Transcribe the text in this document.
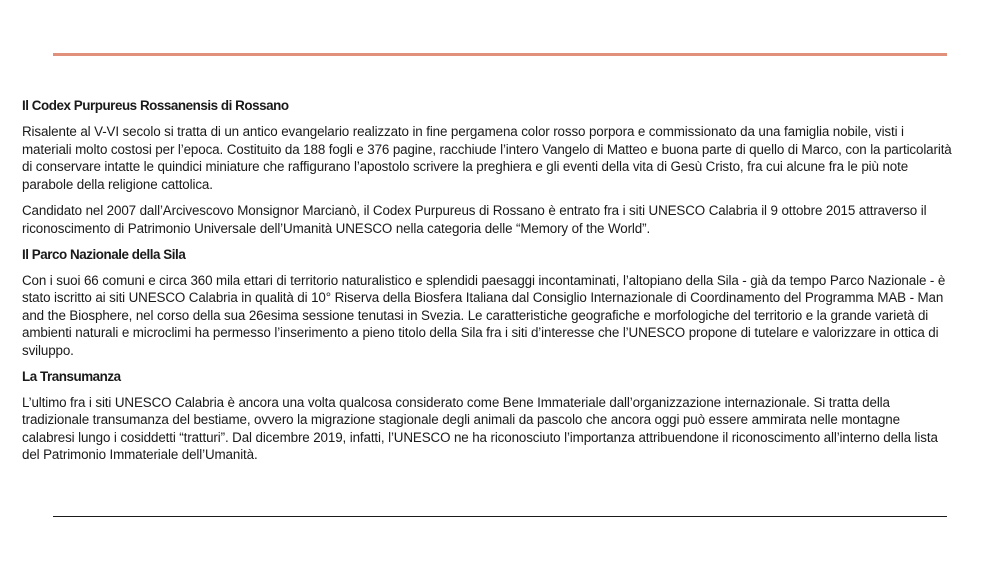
Il Codex Purpureus Rossanensis di Rossano

Risalente al V-VI secolo si tratta di un antico evangelario realizzato in fine pergamena color rosso porpora e commissionato da una famiglia nobile, visti i materiali molto costosi per l’epoca. Costituito da 188 fogli e 376 pagine, racchiude l’intero Vangelo di Matteo e buona parte di quello di Marco, con la particolarità di conservare intatte le quindici miniature che raffigurano l’apostolo scrivere la preghiera e gli eventi della vita di Gesù Cristo, fra cui alcune fra le più note parabole della religione cattolica.

Candidato nel 2007 dall’Arcivescovo Monsignor Marcianò, il Codex Purpureus di Rossano è entrato fra i siti UNESCO Calabria il 9 ottobre 2015 attraverso il riconoscimento di Patrimonio Universale dell’Umanità UNESCO nella categoria delle “Memory of the World”.

Il Parco Nazionale della Sila

Con i suoi 66 comuni e circa 360 mila ettari di territorio naturalistico e splendidi paesaggi incontaminati, l’altopiano della Sila - già da tempo Parco Nazionale - è stato iscritto ai siti UNESCO Calabria in qualità di 10° Riserva della Biosfera Italiana dal Consiglio Internazionale di Coordinamento del Programma MAB - Man and the Biosphere, nel corso della sua 26esima sessione tenutasi in Svezia. Le caratteristiche geografiche e morfologiche del territorio e la grande varietà di ambienti naturali e microclimi ha permesso l’inserimento a pieno titolo della Sila fra i siti d’interesse che l’UNESCO propone di tutelare e valorizzare in ottica di sviluppo.

La Transumanza

L’ultimo fra i siti UNESCO Calabria è ancora una volta qualcosa considerato come Bene Immateriale dall’organizzazione internazionale. Si tratta della tradizionale transumanza del bestiame, ovvero la migrazione stagionale degli animali da pascolo che ancora oggi può essere ammirata nelle montagne calabresi lungo i cosiddetti “tratturi”. Dal dicembre 2019, infatti, l’UNESCO ne ha riconosciuto l’importanza attribuendone il riconoscimento all’interno della lista del Patrimonio Immateriale dell’Umanità.
